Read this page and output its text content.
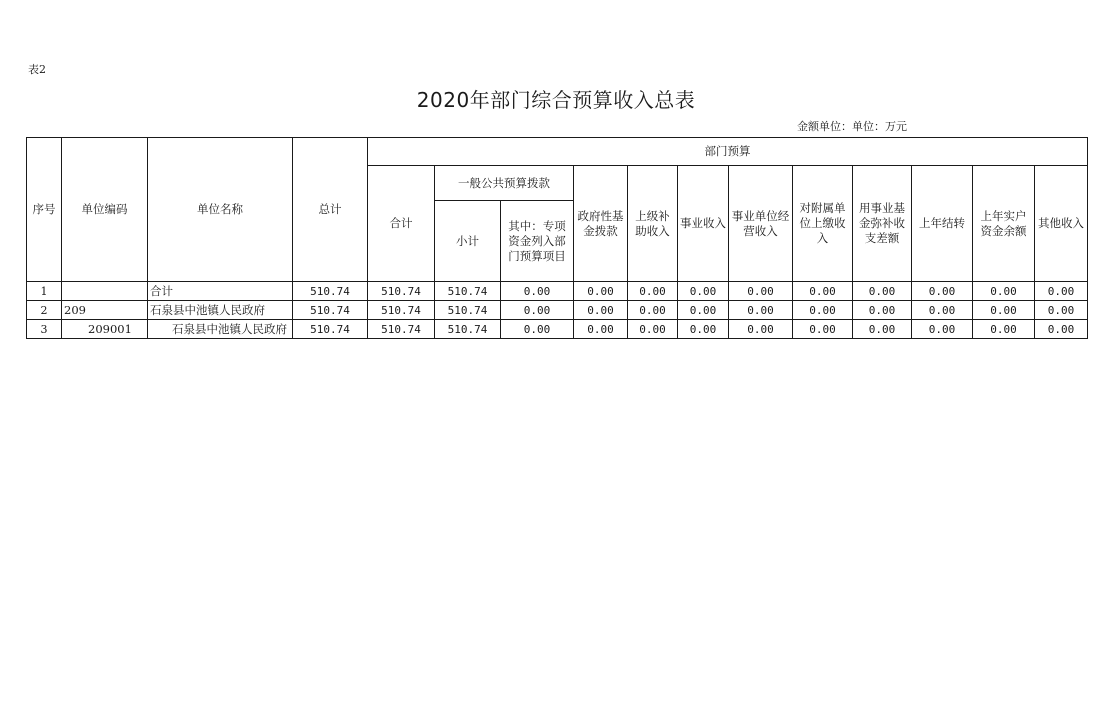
表2
2020年部门综合预算收入总表
金额单位：单位：万元
序号	单位编码	单位名称	总计	部门预算											
				合计	一般公共预算拨款		政府性基金拨款	上级补助收入	事业收入	事业单位经营收入	对附属单位上缴收入	用事业基金弥补收支差额	上年结转	上年实户资金余额	其他收入
					小计	其中：专项资金列入部门预算项目									
1		合计	510.74	510.74	510.74	0.00	0.00	0.00	0.00	0.00	0.00	0.00	0.00	0.00	0.00
2	209	石泉县中池镇人民政府	510.74	510.74	510.74	0.00	0.00	0.00	0.00	0.00	0.00	0.00	0.00	0.00	0.00
3	209001	石泉县中池镇人民政府	510.74	510.74	510.74	0.00	0.00	0.00	0.00	0.00	0.00	0.00	0.00	0.00	0.00
